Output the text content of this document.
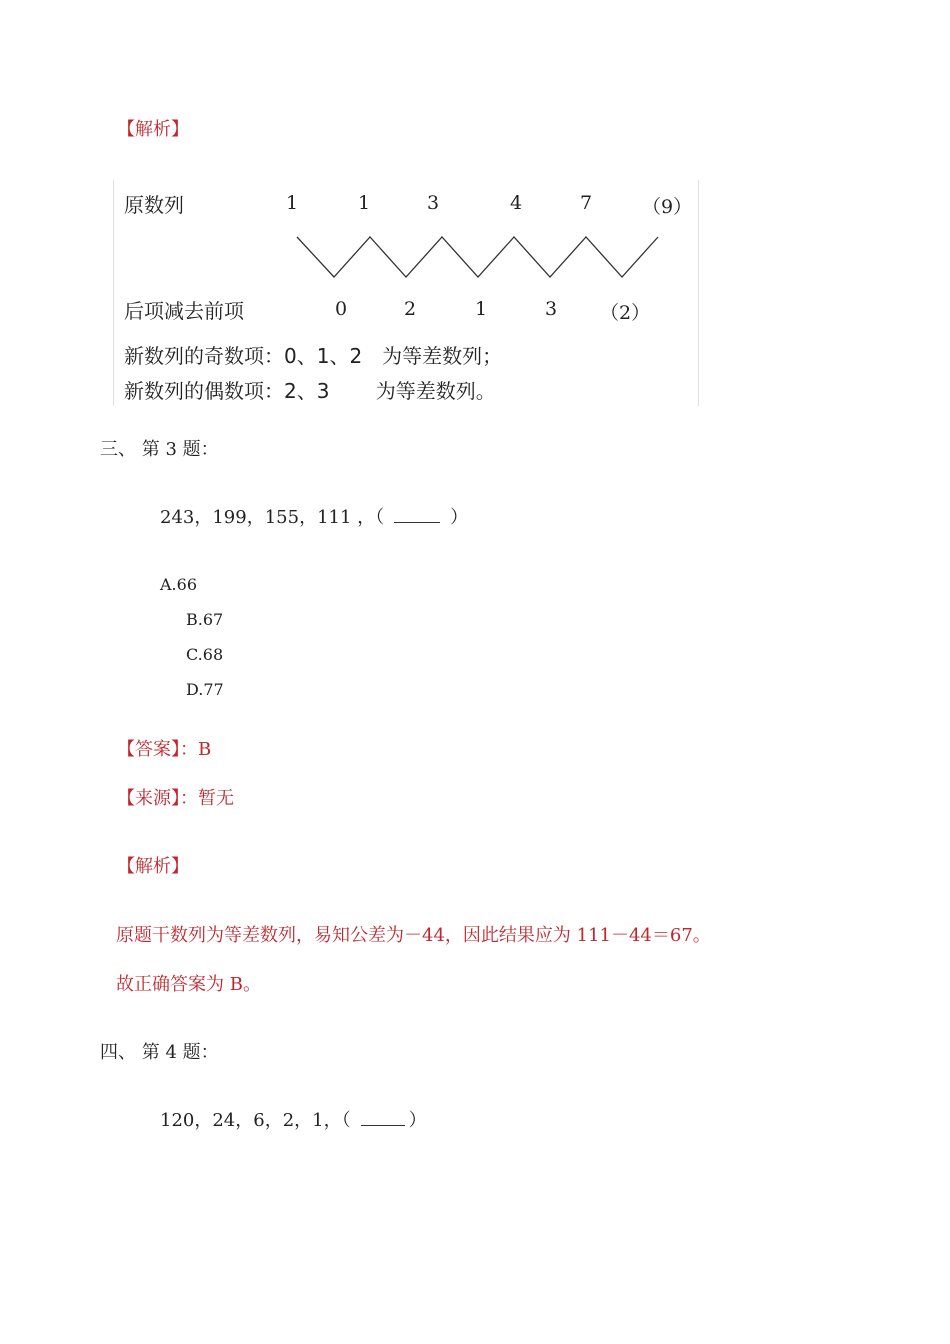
【解析】
原数列	1	1	3	4	7	（9）
后项减去前项	0	2	1	3 （2）
新数列的奇数项：0、1、2　为等差数列；
新数列的偶数项：2、3　　 为等差数列。
三、 第 3 题：
243，199，155，111 ，（	）
A.66
B.67
C.68
D.77
【答案】：B
【来源】：暂无
【解析】
原题干数列为等差数列，易知公差为－44，因此结果应为 111－44＝67。
故正确答案为 B。
四、 第 4 题：
120，24，6，2，1，（	）
